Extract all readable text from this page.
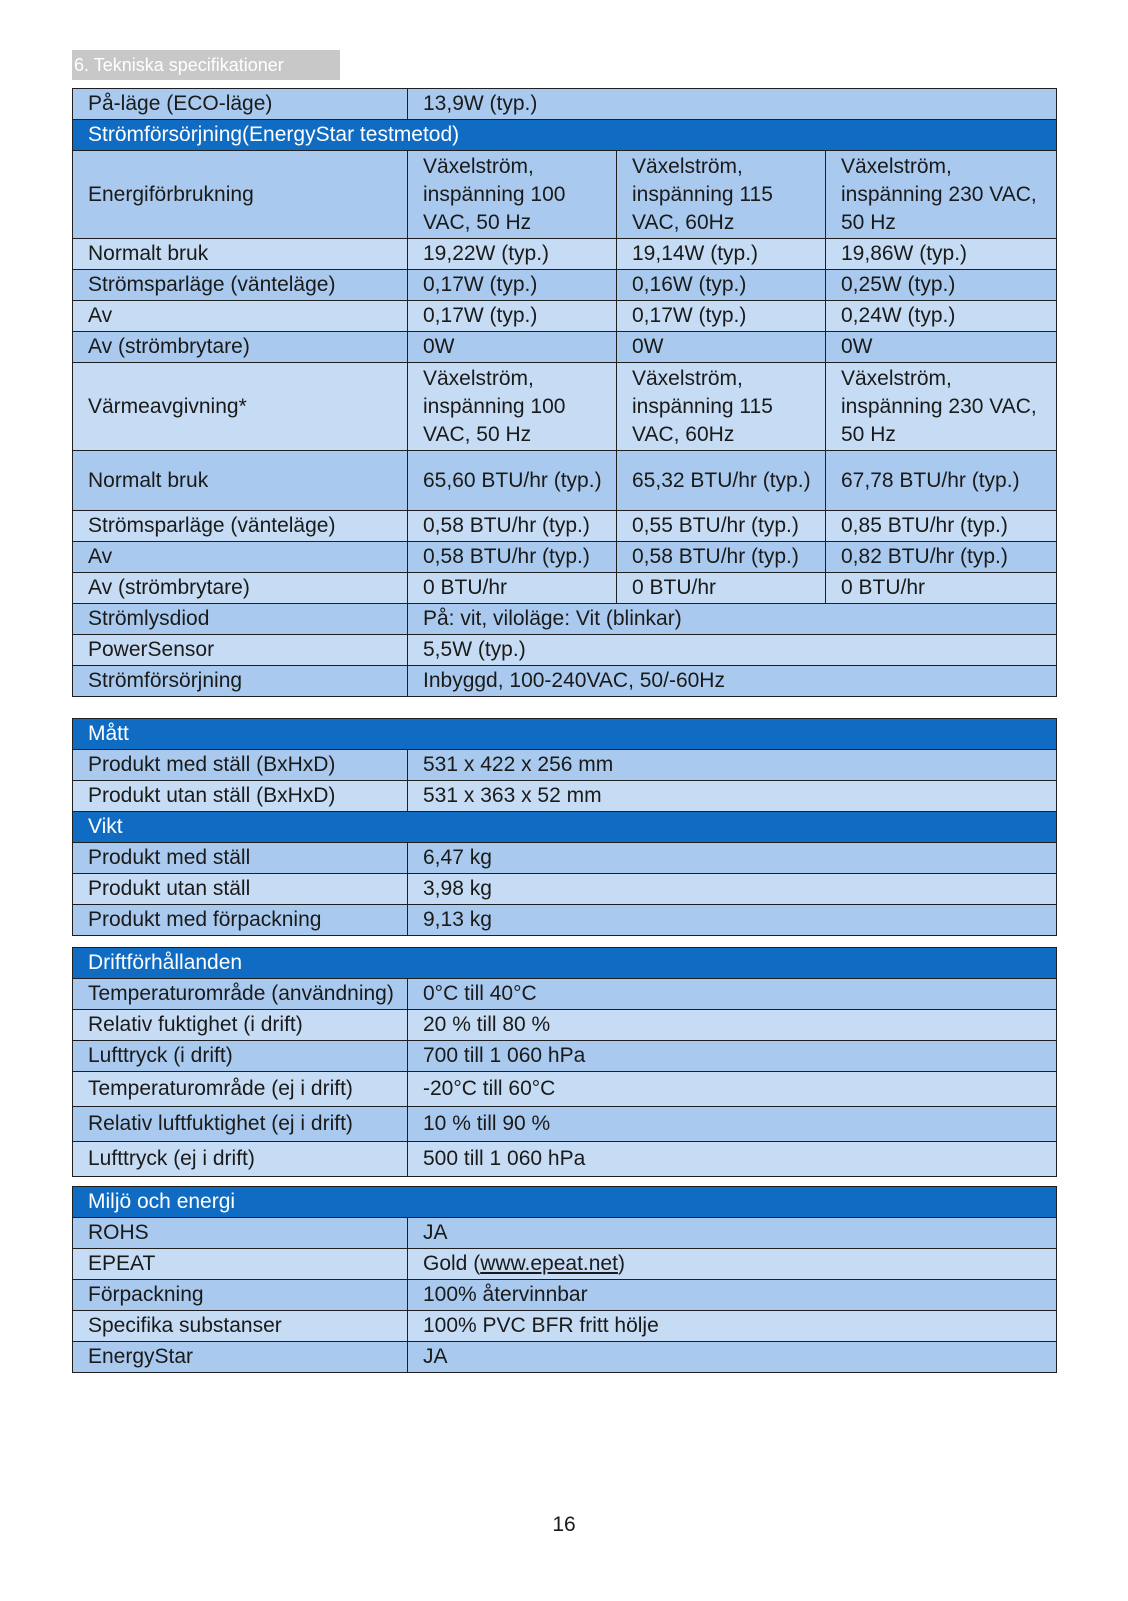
6. Tekniska specifikationer
På-läge (ECO-läge)	13,9W (typ.)		
Strömförsörjning(EnergyStar testmetod)			
Energiförbrukning	Växelström, inspänning 100 VAC, 50 Hz	Växelström, inspänning 115 VAC, 60Hz	Växelström, inspänning 230 VAC, 50 Hz
Normalt bruk	19,22W (typ.)	19,14W (typ.)	19,86W (typ.)
Strömsparläge (vänteläge)	0,17W (typ.)	0,16W (typ.)	0,25W (typ.)
Av	0,17W (typ.)	0,17W (typ.)	0,24W (typ.)
Av (strömbrytare)	0W	0W	0W
Värmeavgivning*	Växelström, inspänning 100 VAC, 50 Hz	Växelström, inspänning 115 VAC, 60Hz	Växelström, inspänning 230 VAC, 50 Hz
Normalt bruk	65,60 BTU/hr (typ.)	65,32 BTU/hr (typ.)	67,78 BTU/hr (typ.)
Strömsparläge (vänteläge)	0,58 BTU/hr (typ.)	0,55 BTU/hr (typ.)	0,85 BTU/hr (typ.)
Av	0,58 BTU/hr (typ.)	0,58 BTU/hr (typ.)	0,82 BTU/hr (typ.)
Av (strömbrytare)	0 BTU/hr	0 BTU/hr	0 BTU/hr
Strömlysdiod	På: vit, viloläge: Vit (blinkar)		
PowerSensor	5,5W (typ.)		
Strömförsörjning	Inbyggd, 100-240VAC, 50/-60Hz		
Mått	
Produkt med ställ (BxHxD)	531 x 422 x 256 mm
Produkt utan ställ (BxHxD)	531 x 363 x 52 mm
Vikt	
Produkt med ställ	6,47 kg
Produkt utan ställ	3,98 kg
Produkt med förpackning	9,13 kg
Driftförhållanden	
Temperaturområde (användning)	0°C till 40°C
Relativ fuktighet (i drift)	20 % till 80 %
Lufttryck (i drift)	700 till 1 060 hPa
Temperaturområde (ej i drift)	-20°C till 60°C
Relativ luftfuktighet (ej i drift)	10 % till 90 %
Lufttryck (ej i drift)	500 till 1 060 hPa
Miljö och energi	
ROHS	JA
EPEAT	Gold (www.epeat.net)
Förpackning	100% återvinnbar
Specifika substanser	100% PVC BFR fritt hölje
EnergyStar	JA
16
